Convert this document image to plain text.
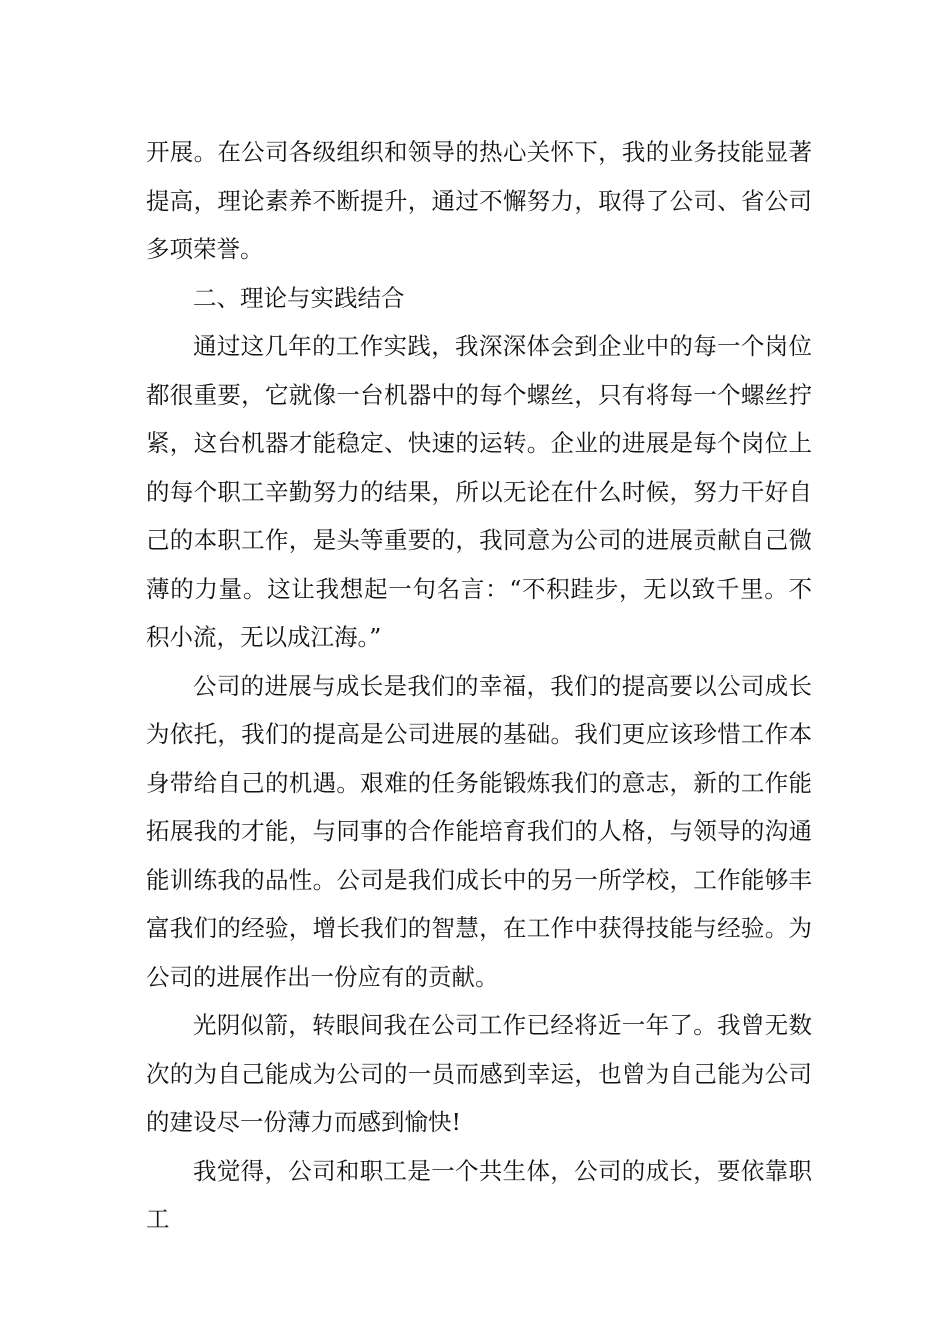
开展。在公司各级组织和领导的热心关怀下，我的业务技能显著提高，理论素养不断提升，通过不懈努力，取得了公司、省公司多项荣誉。

二、理论与实践结合

通过这几年的工作实践，我深深体会到企业中的每一个岗位都很重要，它就像一台机器中的每个螺丝，只有将每一个螺丝拧紧，这台机器才能稳定、快速的运转。企业的进展是每个岗位上的每个职工辛勤努力的结果，所以无论在什么时候，努力干好自己的本职工作，是头等重要的，我同意为公司的进展贡献自己微薄的力量。这让我想起一句名言：“不积跬步，无以致千里。不积小流，无以成江海。”

公司的进展与成长是我们的幸福，我们的提高要以公司成长为依托，我们的提高是公司进展的基础。我们更应该珍惜工作本身带给自己的机遇。艰难的任务能锻炼我们的意志，新的工作能拓展我的才能，与同事的合作能培育我们的人格，与领导的沟通能训练我的品性。公司是我们成长中的另一所学校，工作能够丰富我们的经验，增长我们的智慧，在工作中获得技能与经验。为公司的进展作出一份应有的贡献。

光阴似箭，转眼间我在公司工作已经将近一年了。我曾无数次的为自己能成为公司的一员而感到幸运，也曾为自己能为公司的建设尽一份薄力而感到愉快!

我觉得，公司和职工是一个共生体，公司的成长，要依靠职工
